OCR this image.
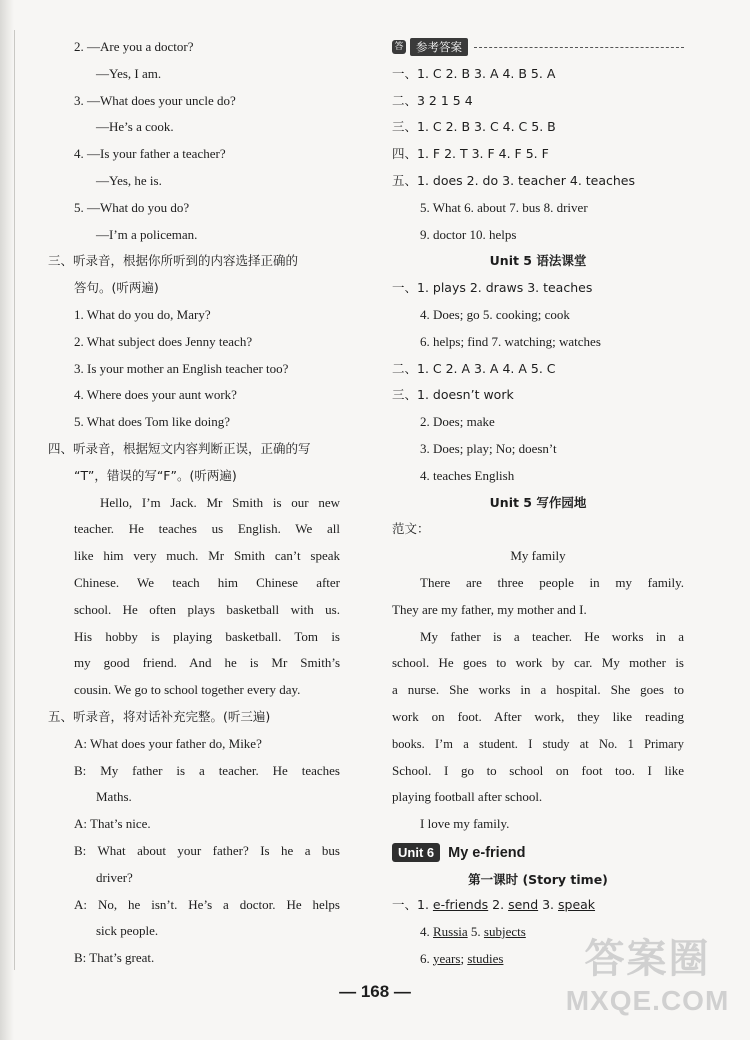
2. —Are you a doctor?
—Yes, I am.
3. —What does your uncle do?
—He’s a cook.
4. —Is your father a teacher?
—Yes, he is.
5. —What do you do?
—I’m a policeman.
三、听录音，根据你所听到的内容选择正确的
答句。(听两遍)
1. What do you do, Mary?
2. What subject does Jenny teach?
3. Is your mother an English teacher too?
4. Where does your aunt work?
5. What does Tom like doing?
四、听录音，根据短文内容判断正误，正确的写
“T”，错误的写“F”。(听两遍)
Hello, I’m Jack. Mr Smith is our new
teacher. He teaches us English. We all
like him very much. Mr Smith can’t speak
Chinese. We teach him Chinese after
school. He often plays basketball with us.
His hobby is playing basketball. Tom is
my good friend. And he is Mr Smith’s
cousin. We go to school together every day.
五、听录音，将对话补充完整。(听三遍)
A: What does your father do, Mike?
B: My father is a teacher. He teaches
Maths.
A: That’s nice.
B: What about your father? Is he a bus
driver?
A: No, he isn’t. He’s a doctor. He helps
sick people.
B: That’s great.
答	参考答案
一、1. C 2. B 3. A 4. B 5. A
二、3 2 1 5 4
三、1. C 2. B 3. C 4. C 5. B
四、1. F 2. T 3. F 4. F 5. F
五、1. does 2. do 3. teacher 4. teaches
5. What 6. about 7. bus 8. driver
9. doctor 10. helps
Unit 5 语法课堂
一、1. plays 2. draws 3. teaches
4. Does; go 5. cooking; cook
6. helps; find 7. watching; watches
二、1. C 2. A 3. A 4. A 5. C
三、1. doesn’t work
2. Does; make
3. Does; play; No; doesn’t
4. teaches English
Unit 5 写作园地
范文：
My family
There are three people in my family.
They are my father, my mother and I.
My father is a teacher. He works in a
school. He goes to work by car. My mother is
a nurse. She works in a hospital. She goes to
work on foot. After work, they like reading
books. I’m a student. I study at No. 1 Primary
School. I go to school on foot too. I like
playing football after school.
I love my family.
Unit 6 My e-friend
第一课时 (Story time)
一、1. e-friends 2. send 3. speak
4. Russia 5. subjects
6. years; studies
— 168 —
答案圈
MXQE.COM
